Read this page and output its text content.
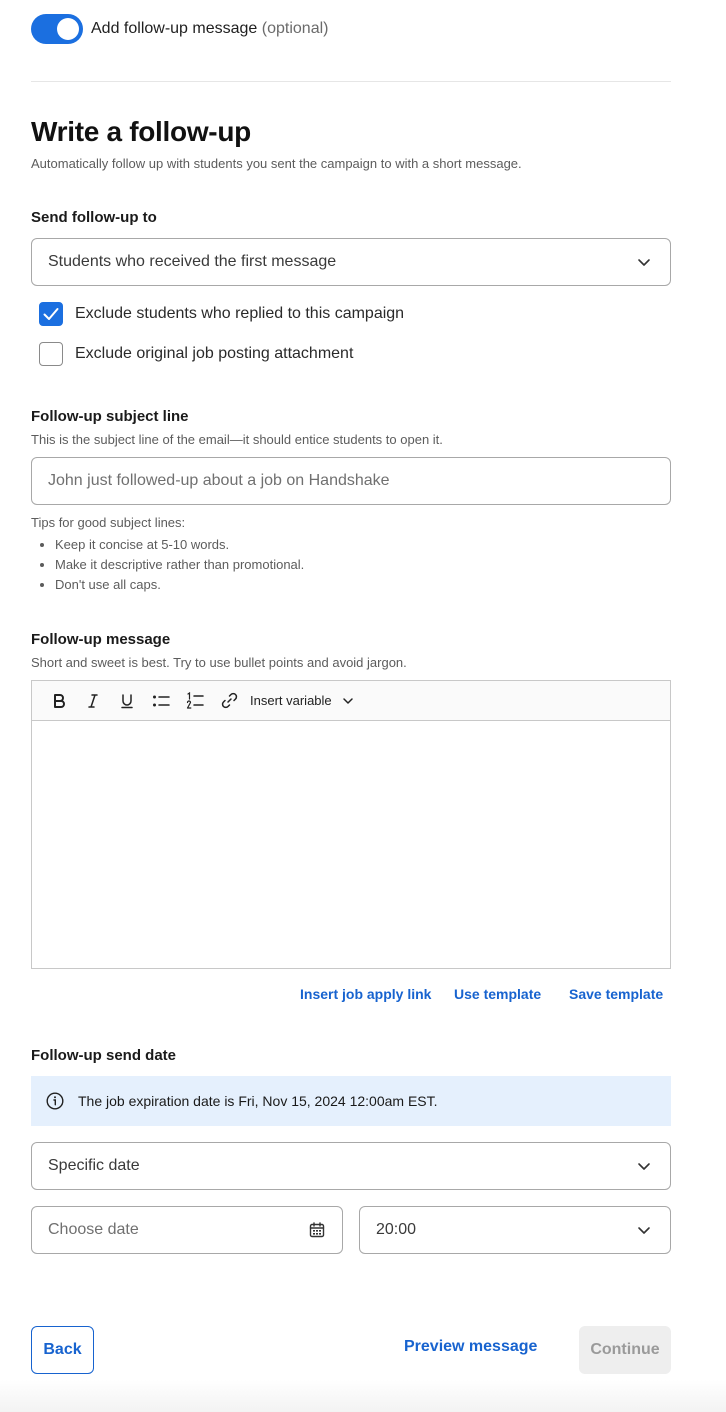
Add follow-up message (optional)
Write a follow-up
Automatically follow up with students you sent the campaign to with a short message.
Send follow-up to
Students who received the first message
Exclude students who replied to this campaign
Exclude original job posting attachment
Follow-up subject line
This is the subject line of the email—it should entice students to open it.
John just followed-up about a job on Handshake
Tips for good subject lines:
• Keep it concise at 5-10 words.
• Make it descriptive rather than promotional.
• Don't use all caps.
Follow-up message
Short and sweet is best. Try to use bullet points and avoid jargon.
Insert variable
Insert job apply link Use template Save template
Follow-up send date
The job expiration date is Fri, Nov 15, 2024 12:00am EST.
Specific date
Choose date	20:00
Back	Preview message	Continue
